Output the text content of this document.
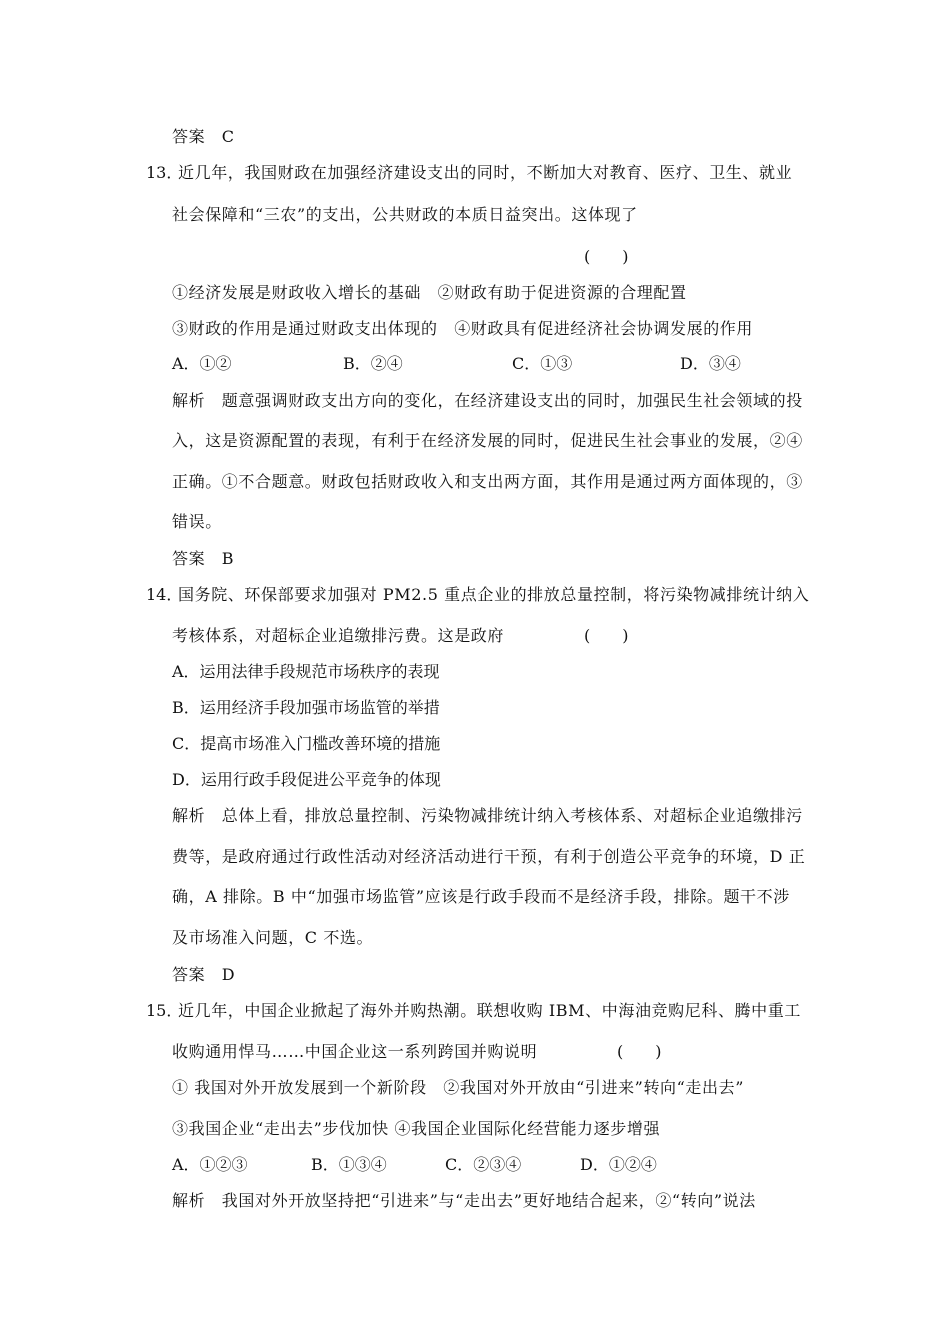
答案　C
13．
近几年，我国财政在加强经济建设支出的同时，不断加大对教育、医疗、卫生、就业
社会保障和“三农”的支出，公共财政的本质日益突出。这体现了
(　　)
①经济发展是财政收入增长的基础　②财政有助于促进资源的合理配置
③财政的作用是通过财政支出体现的　④财政具有促进经济社会协调发展的作用
A．①②	B．②④	C．①③	D．③④
解析　题意强调财政支出方向的变化，在经济建设支出的同时，加强民生社会领域的投
入，这是资源配置的表现，有利于在经济发展的同时，促进民生社会事业的发展，②④
正确。①不合题意。财政包括财政收入和支出两方面，其作用是通过两方面体现的，③
错误。
答案　B
14．
国务院、环保部要求加强对 PM2.5 重点企业的排放总量控制，将污染物减排统计纳入
考核体系，对超标企业追缴排污费。这是政府	(　　)
A．运用法律手段规范市场秩序的表现
B．运用经济手段加强市场监管的举措
C．提高市场准入门槛改善环境的措施
D．运用行政手段促进公平竞争的体现
解析　总体上看，排放总量控制、污染物减排统计纳入考核体系、对超标企业追缴排污
费等，是政府通过行政性活动对经济活动进行干预，有利于创造公平竞争的环境，D 正
确，A 排除。B 中“加强市场监管”应该是行政手段而不是经济手段，排除。题干不涉
及市场准入问题，C 不选。
答案　D
15．
近几年，中国企业掀起了海外并购热潮。联想收购 IBM、中海油竞购尼科、腾中重工
收购通用悍马……中国企业这一系列跨国并购说明	(　　)
① 我国对外开放发展到一个新阶段　②我国对外开放由“引进来”转向“走出去”
③我国企业“走出去”步伐加快 ④我国企业国际化经营能力逐步增强
A．①②③	B．①③④	C．②③④	D．①②④
解析　我国对外开放坚持把“引进来”与“走出去”更好地结合起来，②“转向”说法
